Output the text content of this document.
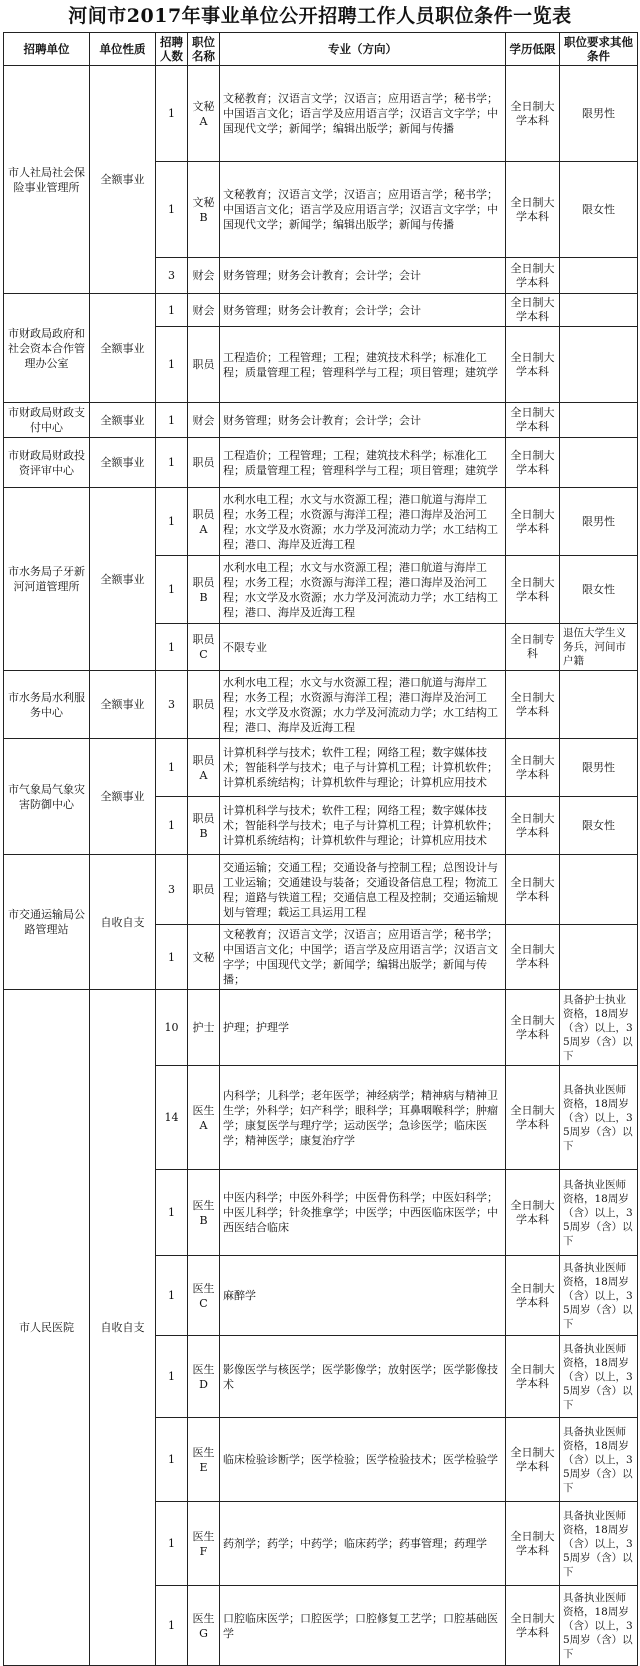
河间市2017年事业单位公开招聘工作人员职位条件一览表
招聘单位	单位性质	招聘人数	职位名称	专业（方向）	学历低限	职位要求其他条件
市人社局社会保险事业管理所	全额事业	1	文秘A	文秘教育；汉语言文学；汉语言；应用语言学；秘书学；中国语言文化；语言学及应用语言学；汉语言文字学；中国现代文学；新闻学；编辑出版学；新闻与传播	全日制大学本科	限男性
		1	文秘B	文秘教育；汉语言文学；汉语言；应用语言学；秘书学；中国语言文化；语言学及应用语言学；汉语言文字学；中国现代文学；新闻学；编辑出版学；新闻与传播	全日制大学本科	限女性
		3	财会	财务管理；财务会计教育；会计学；会计	全日制大学本科	
市财政局政府和社会资本合作管理办公室	全额事业	1	财会	财务管理；财务会计教育；会计学；会计	全日制大学本科	
		1	职员	工程造价；工程管理；工程；建筑技术科学；标准化工程；质量管理工程；管理科学与工程；项目管理；建筑学	全日制大学本科	
市财政局财政支付中心	全额事业	1	财会	财务管理；财务会计教育；会计学；会计	全日制大学本科	
市财政局财政投资评审中心	全额事业	1	职员	工程造价；工程管理；工程；建筑技术科学；标准化工程；质量管理工程；管理科学与工程；项目管理；建筑学	全日制大学本科	
市水务局子牙新河河道管理所	全额事业	1	职员A	水利水电工程；水文与水资源工程；港口航道与海岸工程；水务工程；水资源与海洋工程；港口海岸及治河工程；水文学及水资源；水力学及河流动力学；水工结构工程；港口、海岸及近海工程	全日制大学本科	限男性
		1	职员B	水利水电工程；水文与水资源工程；港口航道与海岸工程；水务工程；水资源与海洋工程；港口海岸及治河工程；水文学及水资源；水力学及河流动力学；水工结构工程；港口、海岸及近海工程	全日制大学本科	限女性
		1	职员C	不限专业	全日制专科	退伍大学生义务兵，河间市户籍
市水务局水利服务中心	全额事业	3	职员	水利水电工程；水文与水资源工程；港口航道与海岸工程；水务工程；水资源与海洋工程；港口海岸及治河工程；水文学及水资源；水力学及河流动力学；水工结构工程；港口、海岸及近海工程	全日制大学本科	
市气象局气象灾害防御中心	全额事业	1	职员A	计算机科学与技术；软件工程；网络工程；数字媒体技术；智能科学与技术；电子与计算机工程；计算机软件；计算机系统结构；计算机软件与理论；计算机应用技术	全日制大学本科	限男性
		1	职员B	计算机科学与技术；软件工程；网络工程；数字媒体技术；智能科学与技术；电子与计算机工程；计算机软件；计算机系统结构；计算机软件与理论；计算机应用技术	全日制大学本科	限女性
市交通运输局公路管理站	自收自支	3	职员	交通运输；交通工程；交通设备与控制工程；总图设计与工业运输；交通建设与装备；交通设备信息工程；物流工程；道路与铁道工程；交通信息工程及控制；交通运输规划与管理；载运工具运用工程	全日制大学本科	
		1	文秘	文秘教育；汉语言文学；汉语言；应用语言学；秘书学；中国语言文化；中国学；语言学及应用语言学；汉语言文字学；中国现代文学；新闻学；编辑出版学；新闻与传播；	全日制大学本科	
市人民医院	自收自支	10	护士	护理；护理学	全日制大学本科	具备护士执业资格，18周岁（含）以上，35周岁（含）以下
		14	医生A	内科学；儿科学；老年医学；神经病学；精神病与精神卫生学；外科学；妇产科学；眼科学；耳鼻咽喉科学；肿瘤学；康复医学与理疗学；运动医学；急诊医学；临床医学；精神医学；康复治疗学	全日制大学本科	具备执业医师资格，18周岁（含）以上，35周岁（含）以下
		1	医生B	中医内科学；中医外科学；中医骨伤科学；中医妇科学；中医儿科学；针灸推拿学；中医学；中西医临床医学；中西医结合临床	全日制大学本科	具备执业医师资格，18周岁（含）以上，35周岁（含）以下
		1	医生C	麻醉学	全日制大学本科	具备执业医师资格，18周岁（含）以上，35周岁（含）以下
		1	医生D	影像医学与核医学；医学影像学；放射医学；医学影像技术	全日制大学本科	具备执业医师资格，18周岁（含）以上，35周岁（含）以下
		1	医生E	临床检验诊断学；医学检验；医学检验技术；医学检验学	全日制大学本科	具备执业医师资格，18周岁（含）以上，35周岁（含）以下
		1	医生F	药剂学；药学；中药学；临床药学；药事管理；药理学	全日制大学本科	具备执业医师资格，18周岁（含）以上，35周岁（含）以下
		1	医生G	口腔临床医学；口腔医学；口腔修复工艺学；口腔基础医学	全日制大学本科	具备执业医师资格，18周岁（含）以上，35周岁（含）以下
